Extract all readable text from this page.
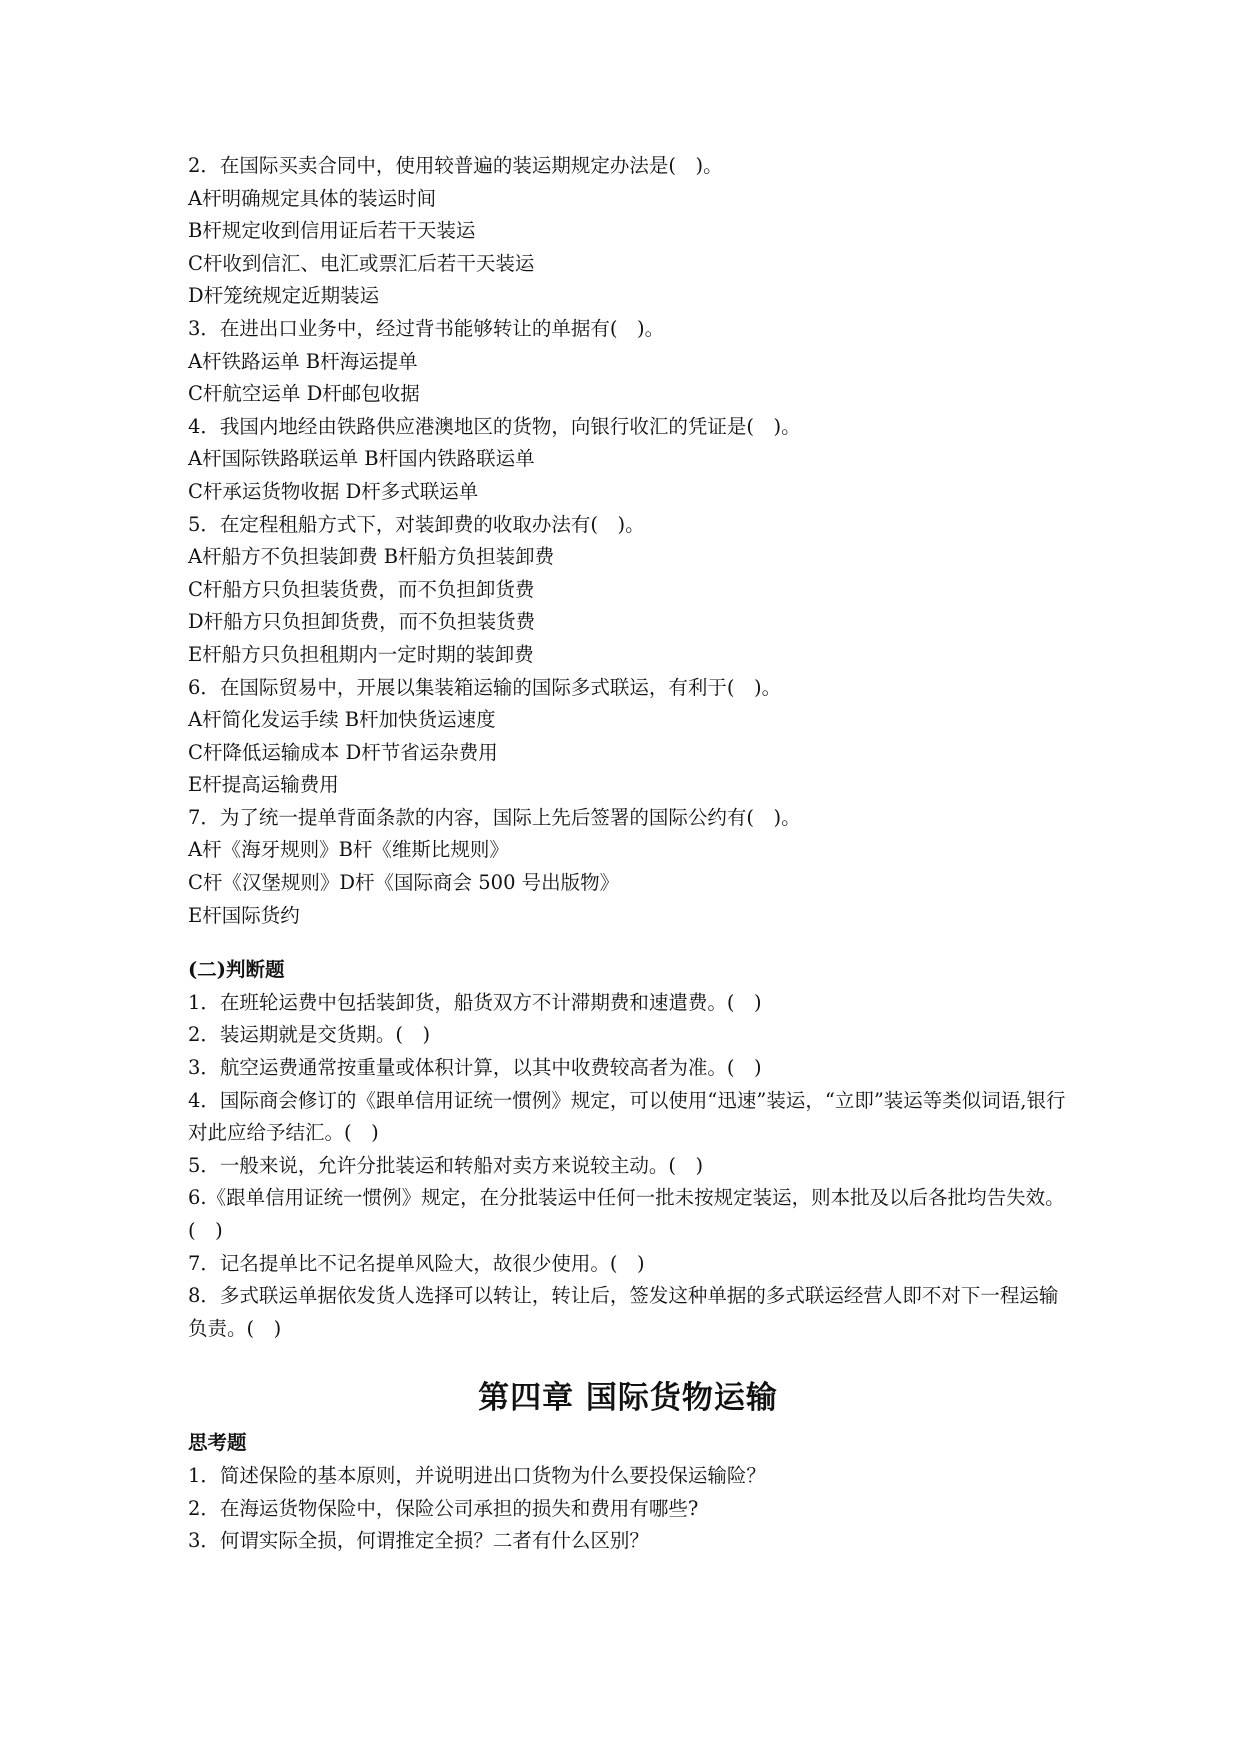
2．在国际买卖合同中，使用较普遍的装运期规定办法是(　)。
A杆明确规定具体的装运时间
B杆规定收到信用证后若干天装运
C杆收到信汇、电汇或票汇后若干天装运
D杆笼统规定近期装运
3．在进出口业务中，经过背书能够转让的单据有(　)。
A杆铁路运单 B杆海运提单
C杆航空运单 D杆邮包收据
4．我国内地经由铁路供应港澳地区的货物，向银行收汇的凭证是(　)。
A杆国际铁路联运单 B杆国内铁路联运单
C杆承运货物收据 D杆多式联运单
5．在定程租船方式下，对装卸费的收取办法有(　)。
A杆船方不负担装卸费 B杆船方负担装卸费
C杆船方只负担装货费，而不负担卸货费
D杆船方只负担卸货费，而不负担装货费
E杆船方只负担租期内一定时期的装卸费
6．在国际贸易中，开展以集装箱运输的国际多式联运，有利于(　)。
A杆简化发运手续 B杆加快货运速度
C杆降低运输成本 D杆节省运杂费用
E杆提高运输费用
7．为了统一提单背面条款的内容，国际上先后签署的国际公约有(　)。
A杆《海牙规则》B杆《维斯比规则》
C杆《汉堡规则》D杆《国际商会 500 号出版物》
E杆国际货约
(二)判断题
1．在班轮运费中包括装卸货，船货双方不计滞期费和速遣费。(　)
2．装运期就是交货期。(　)
3．航空运费通常按重量或体积计算，以其中收费较高者为准。(　)
4．国际商会修订的《跟单信用证统一惯例》规定，可以使用“迅速”装运，“立即”装运等类似词语,银行对此应给予结汇。(　)
5．一般来说，允许分批装运和转船对卖方来说较主动。(　)
6.《跟单信用证统一惯例》规定，在分批装运中任何一批未按规定装运，则本批及以后各批均告失效。(　)
7．记名提单比不记名提单风险大，故很少使用。(　)
8．多式联运单据依发货人选择可以转让，转让后，签发这种单据的多式联运经营人即不对下一程运输负责。(　)
第四章 国际货物运输
思考题
1．简述保险的基本原则，并说明进出口货物为什么要投保运输险？
2．在海运货物保险中，保险公司承担的损失和费用有哪些?
3．何谓实际全损，何谓推定全损？二者有什么区别？
